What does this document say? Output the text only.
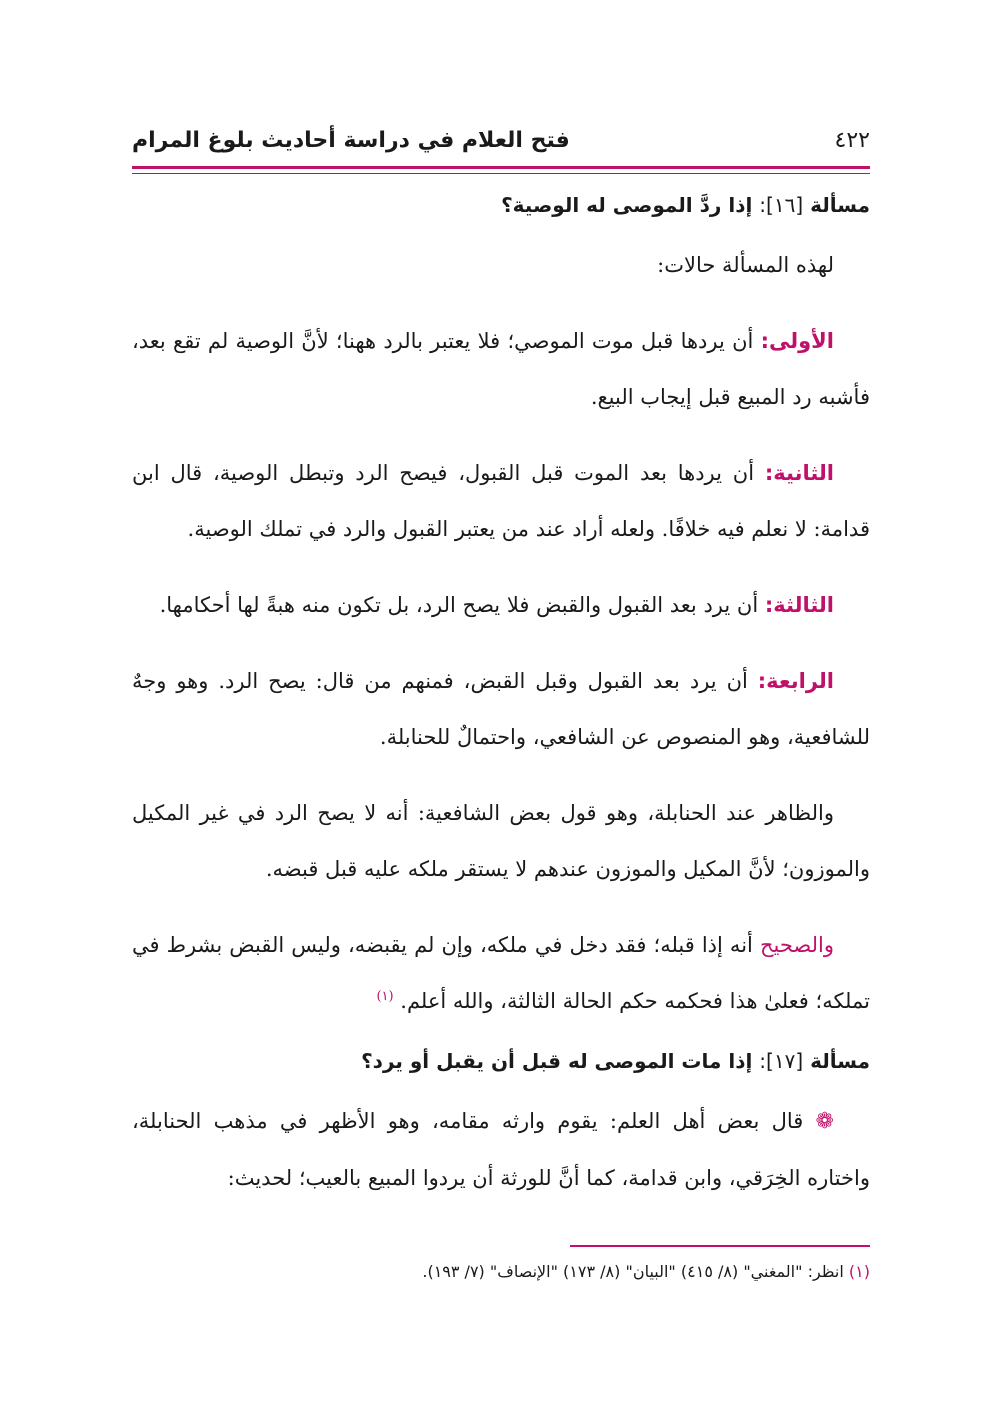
٤٢٢
فتح العلام في دراسة أحاديث بلوغ المرام
مسألة [١٦]: إذا ردَّ الموصى له الوصية؟

لهذه المسألة حالات:

الأولى: أن يردها قبل موت الموصي؛ فلا يعتبر بالرد ههنا؛ لأنَّ الوصية لم تقع بعد، فأشبه رد المبيع قبل إيجاب البيع.

الثانية: أن يردها بعد الموت قبل القبول، فيصح الرد وتبطل الوصية، قال ابن قدامة: لا نعلم فيه خلافًا. ولعله أراد عند من يعتبر القبول والرد في تملك الوصية.

الثالثة: أن يرد بعد القبول والقبض فلا يصح الرد، بل تكون منه هبةً لها أحكامها.

الرابعة: أن يرد بعد القبول وقبل القبض، فمنهم من قال: يصح الرد. وهو وجهٌ للشافعية، وهو المنصوص عن الشافعي، واحتمالٌ للحنابلة.

والظاهر عند الحنابلة، وهو قول بعض الشافعية: أنه لا يصح الرد في غير المكيل والموزون؛ لأنَّ المكيل والموزون عندهم لا يستقر ملكه عليه قبل قبضه.

والصحيح أنه إذا قبله؛ فقد دخل في ملكه، وإن لم يقبضه، وليس القبض بشرط في تملكه؛ فعلىٰ هذا فحكمه حكم الحالة الثالثة، والله أعلم. $^{(١)}$

مسألة [١٧]: إذا مات الموصى له قبل أن يقبل أو يرد؟

❁ قال بعض أهل العلم: يقوم وارثه مقامه، وهو الأظهر في مذهب الحنابلة، واختاره الخِرَقي، وابن قدامة، كما أنَّ للورثة أن يردوا المبيع بالعيب؛ لحديث:

(١) انظر: "المغني" (٨/ ٤١٥) "البيان" (٨/ ١٧٣) "الإنصاف" (٧/ ١٩٣).
